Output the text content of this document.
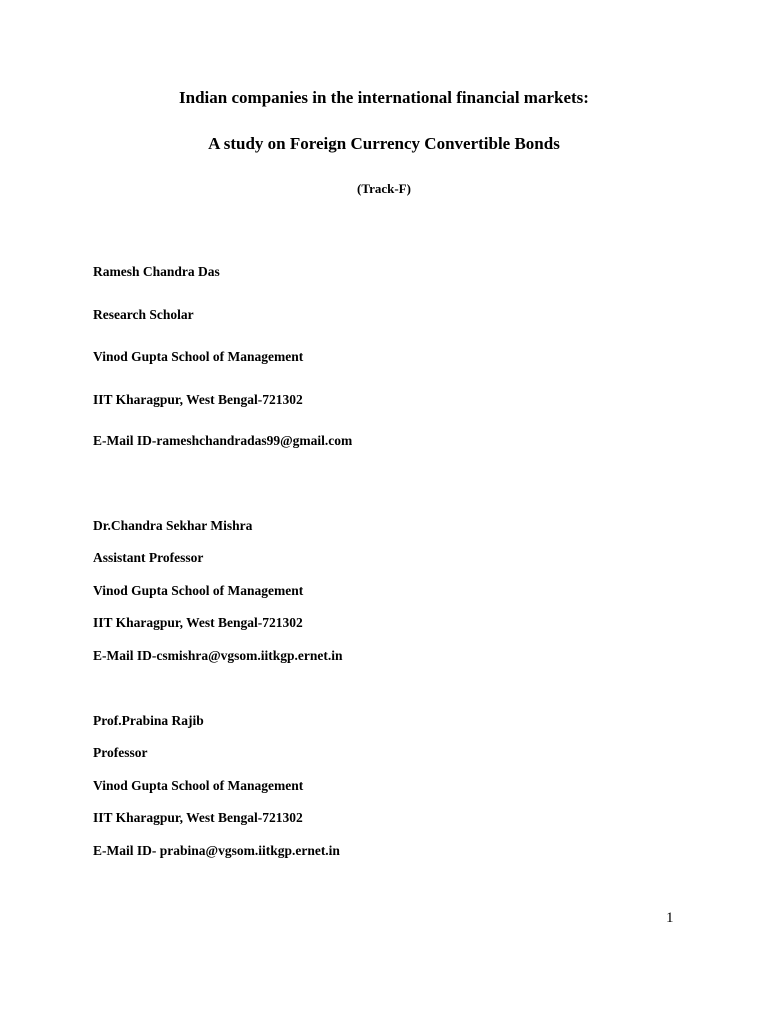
Indian companies in the international financial markets:
A study on Foreign Currency Convertible Bonds
(Track-F)
Ramesh Chandra Das
Research Scholar
Vinod Gupta School of Management
IIT Kharagpur, West Bengal-721302
E-Mail ID-rameshchandradas99@gmail.com
Dr.Chandra Sekhar Mishra
Assistant Professor
Vinod Gupta School of Management
IIT Kharagpur, West Bengal-721302
E-Mail ID-csmishra@vgsom.iitkgp.ernet.in
Prof.Prabina Rajib
Professor
Vinod Gupta School of Management
IIT Kharagpur, West Bengal-721302
E-Mail ID- prabina@vgsom.iitkgp.ernet.in
1
